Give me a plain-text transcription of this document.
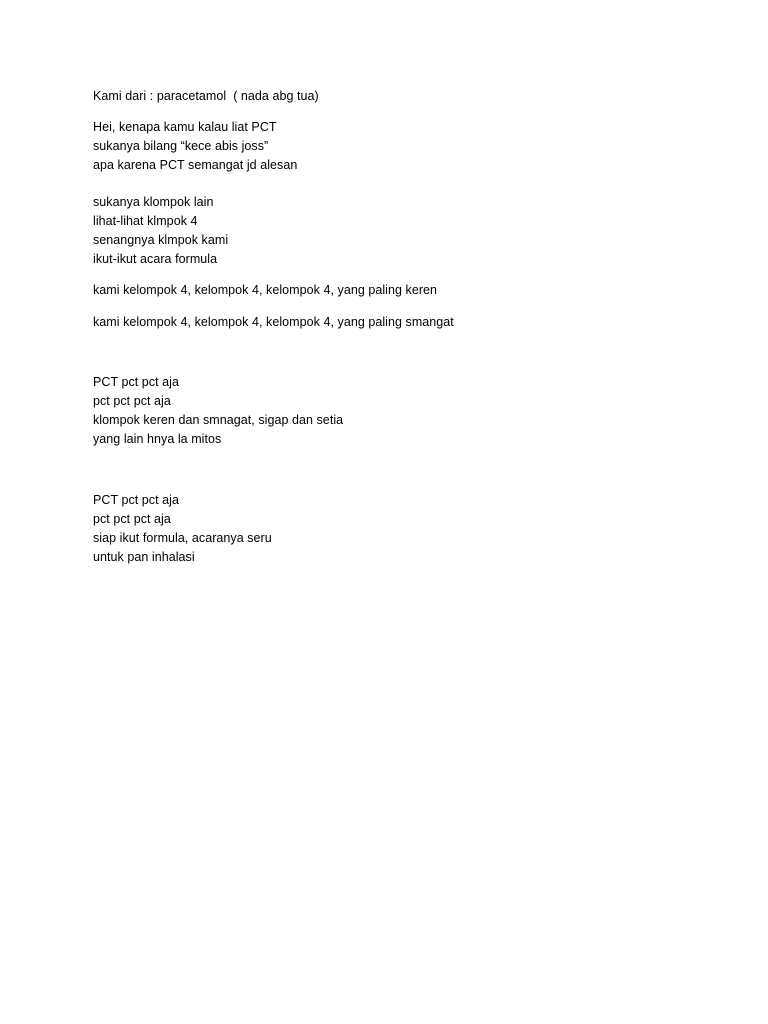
Kami dari : paracetamol  ( nada abg tua)

Hei, kenapa kamu kalau liat PCT

sukanya bilang “kece abis joss”

apa karena PCT semangat jd alesan

sukanya klompok lain

lihat-lihat klmpok 4

senangnya klmpok kami

ikut-ikut acara formula

kami kelompok 4, kelompok 4, kelompok 4, yang paling keren

kami kelompok 4, kelompok 4, kelompok 4, yang paling smangat

PCT pct pct aja

pct pct pct aja

klompok keren dan smnagat, sigap dan setia

yang lain hnya la mitos

PCT pct pct aja

pct pct pct aja

siap ikut formula, acaranya seru

untuk pan inhalasi
